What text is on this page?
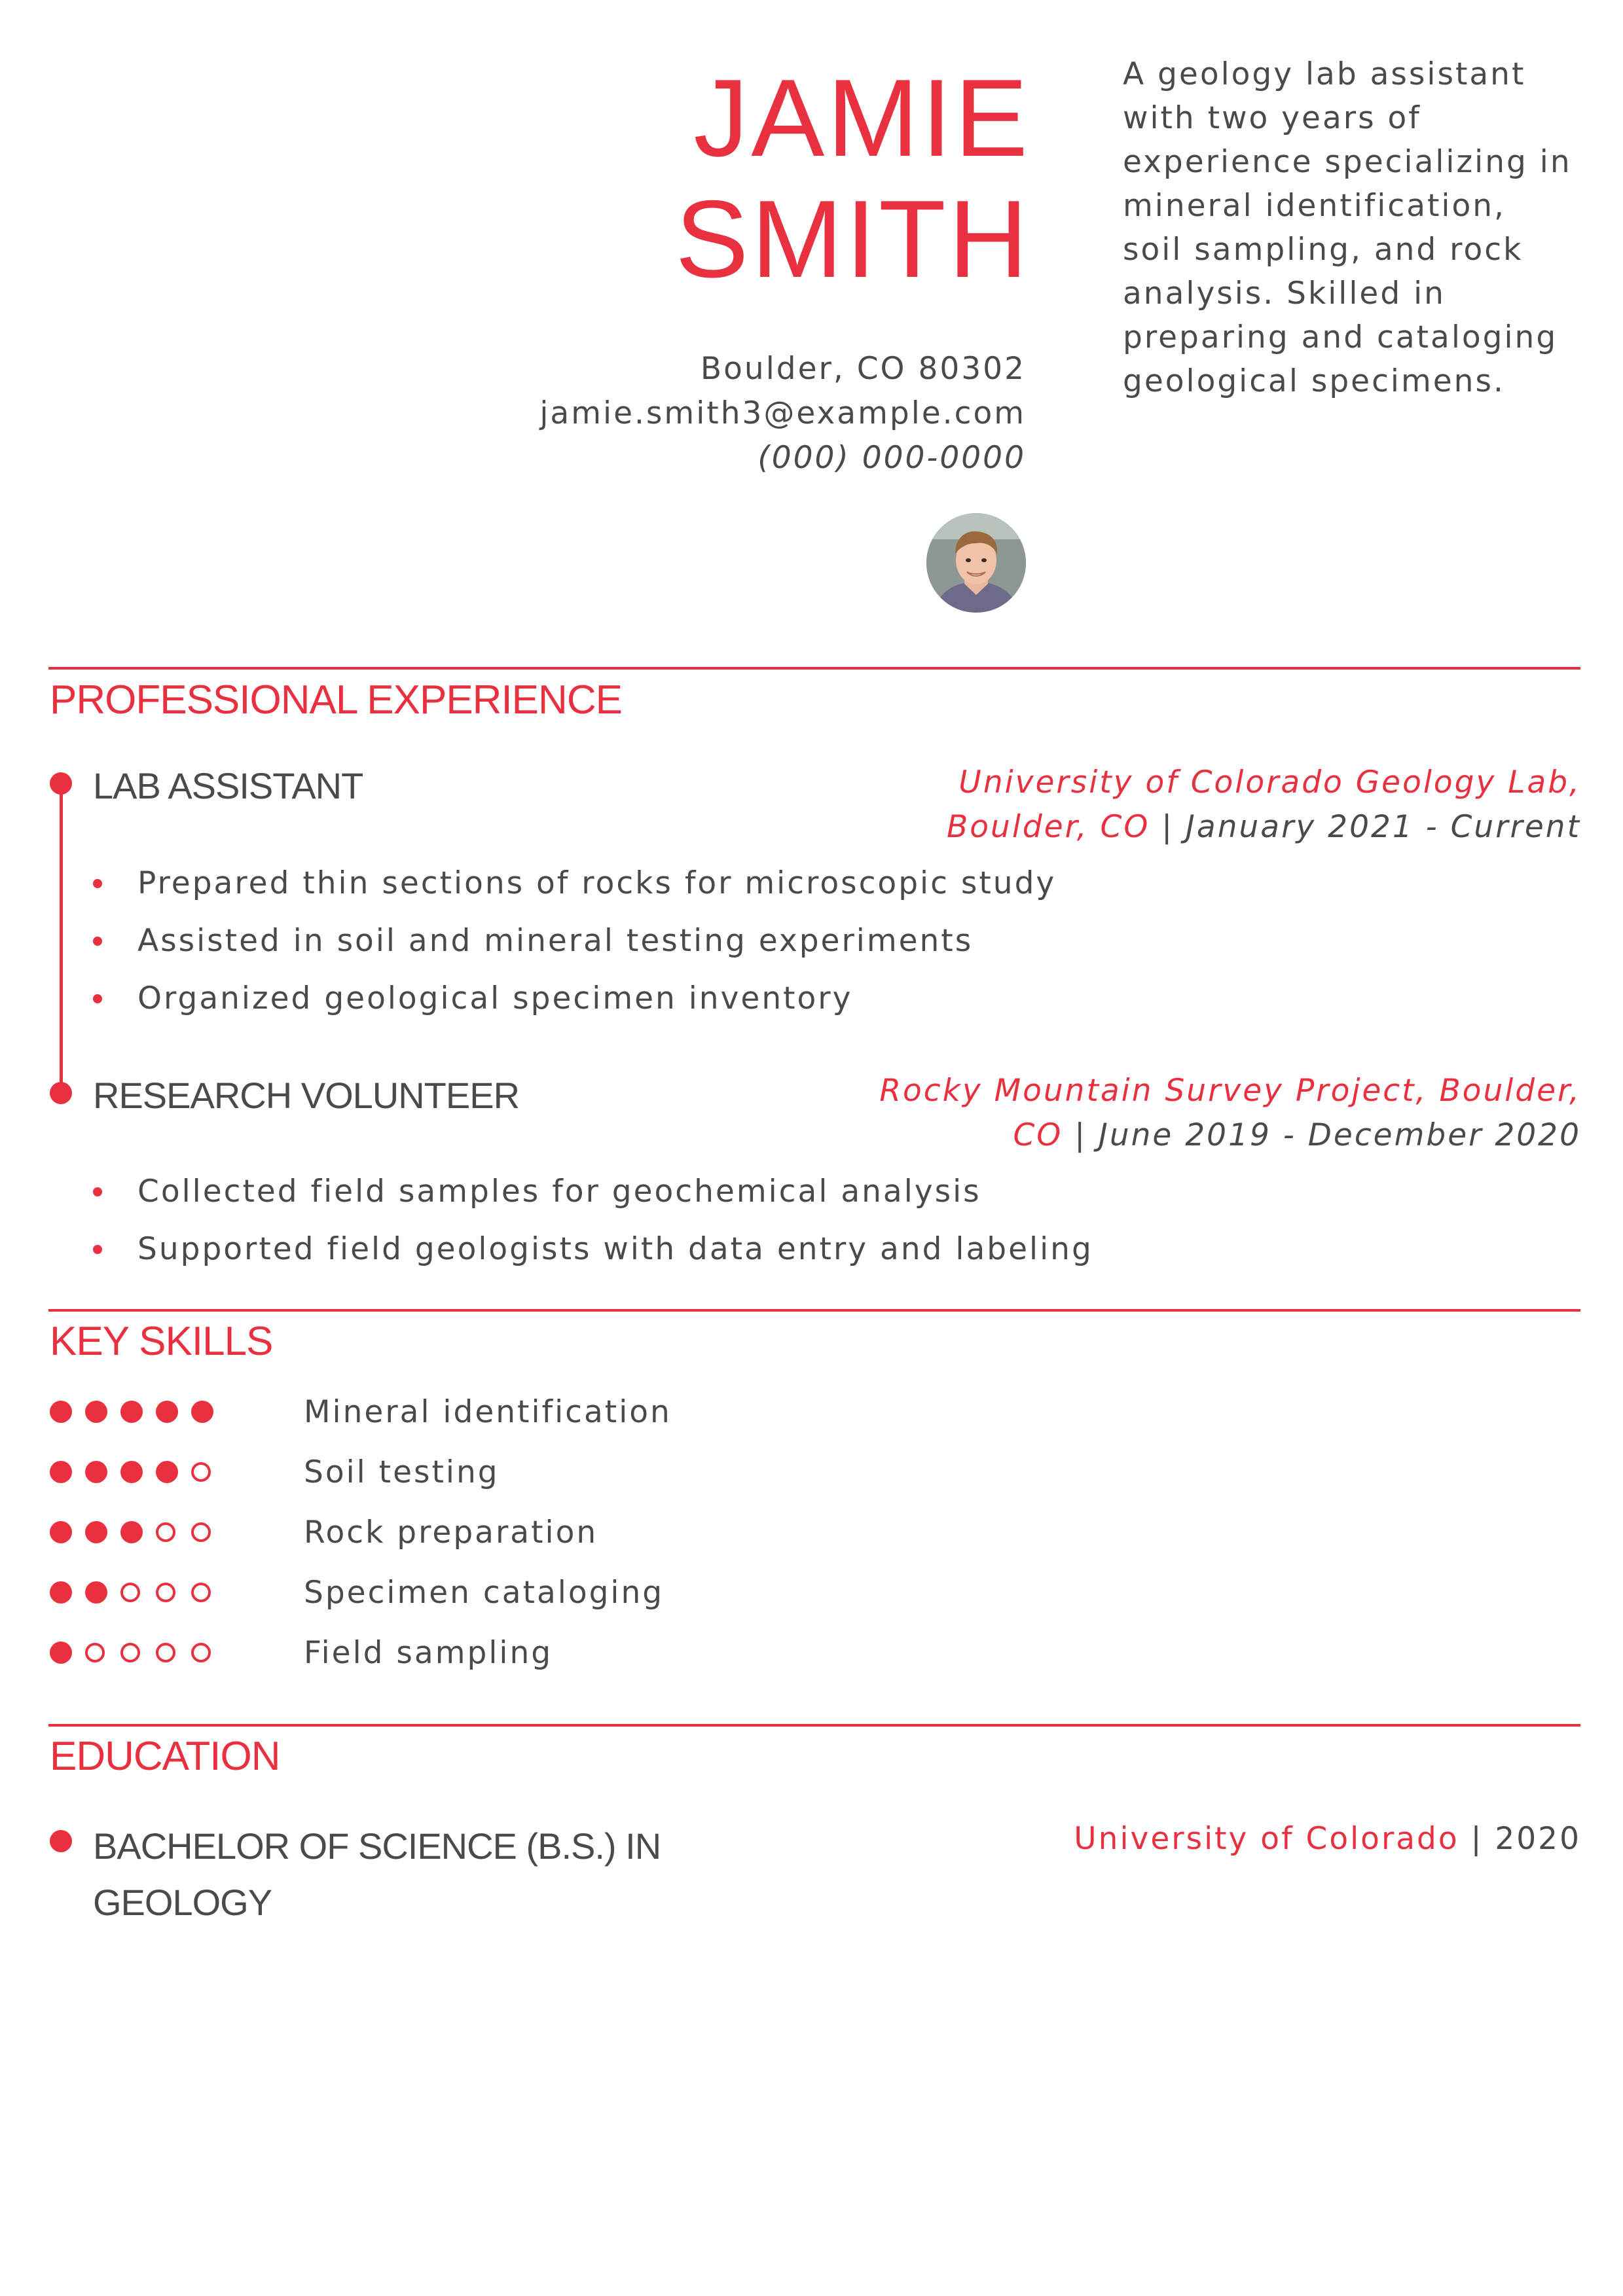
JAMIE
SMITH
Boulder, CO 80302
jamie.smith3@example.com
(000) 000-0000
A geology lab assistant with two years of experience specializing in mineral identification, soil sampling, and rock analysis. Skilled in preparing and cataloging geological specimens.
PROFESSIONAL EXPERIENCE
LAB ASSISTANT	University of Colorado Geology Lab,
Boulder, CO | January 2021 - Current
Prepared thin sections of rocks for microscopic study
Assisted in soil and mineral testing experiments
Organized geological specimen inventory
RESEARCH VOLUNTEER	Rocky Mountain Survey Project, Boulder,
CO | June 2019 - December 2020
Collected field samples for geochemical analysis
Supported field geologists with data entry and labeling
KEY SKILLS
Mineral identification
Soil testing
Rock preparation
Specimen cataloging
Field sampling
EDUCATION
BACHELOR OF SCIENCE (B.S.) IN GEOLOGY
University of Colorado | 2020
